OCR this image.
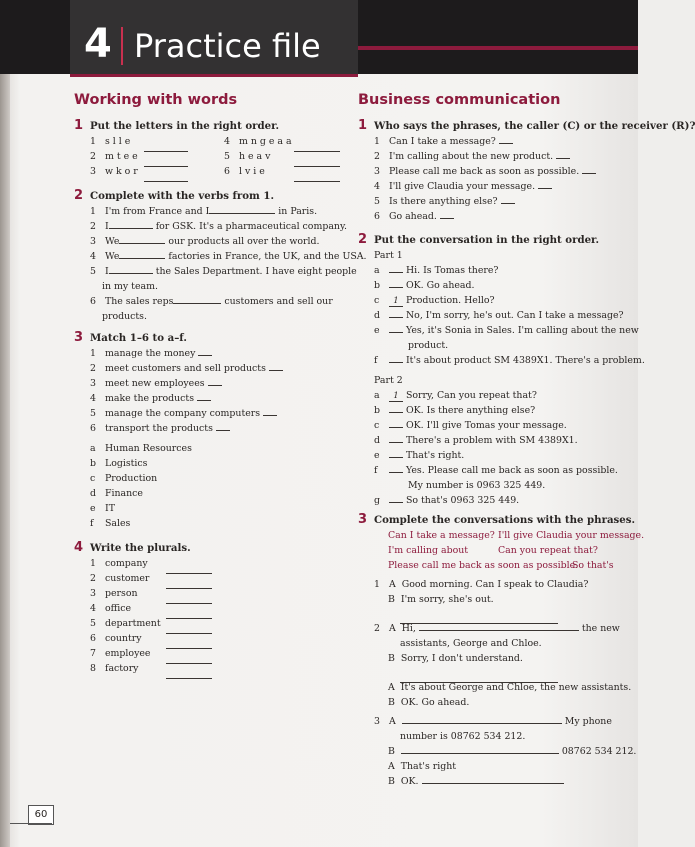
4 Practice file
Working with words
1 Put the letters in the right order.
1 s l l e
2 m t e e
3 w k o r
4 m n g e a a
5 h e a v
6 l v i e
2 Complete with the verbs from 1.
1 I'm from France and I	in Paris.
2 I	for GSK. It's a pharmaceutical company.
3 We	our products all over the world.
4 We	factories in France, the UK, and the USA.
5 I	the Sales Department. I have eight people
in my team.
6 The sales reps	customers and sell our
products.
3 Match 1–6 to a–f.
1 manage the money
2 meet customers and sell products
3 meet new employees
4 make the products
5 manage the company computers
6 transport the products
a Human Resources
b Logistics
c Production
d Finance
e IT
f Sales
4 Write the plurals.
1 company
2 customer
3 person
4 office
5 department
6 country
7 employee
8 factory
Business communication
1 Who says the phrases, the caller (C) or the receiver (R)?
1 Can I take a message?
2 I'm calling about the new product.
3 Please call me back as soon as possible.
4 I'll give Claudia your message.
5 Is there anything else?
6 Go ahead.
2 Put the conversation in the right order.
Part 1
a	Hi. Is Tomas there?
b	OK. Go ahead.
c 1 Production. Hello?
d	No, I'm sorry, he's out. Can I take a message?
e	Yes, it's Sonia in Sales. I'm calling about the new
product.
f	It's about product SM 4389X1. There's a problem.
Part 2
a 1 Sorry, Can you repeat that?
b	OK. Is there anything else?
c	OK. I'll give Tomas your message.
d	There's a problem with SM 4389X1.
e	That's right.
f	Yes. Please call me back as soon as possible.
My number is 0963 325 449.
g	So that's 0963 325 449.
3 Complete the conversations with the phrases.
Can I take a message? I'll give Claudia your message.
I'm calling about	Can you repeat that?
Please call me back as soon as possible.
So that's
1 A Good morning. Can I speak to Claudia?
B I'm sorry, she's out.
2 A Hi,	the new
assistants, George and Chloe.
B Sorry, I don't understand.
A It's about George and Chloe, the new assistants.
B OK. Go ahead.
3 A	My phone
number is 08762 534 212.
B	08762 534 212.
A That's right
B OK.
60
